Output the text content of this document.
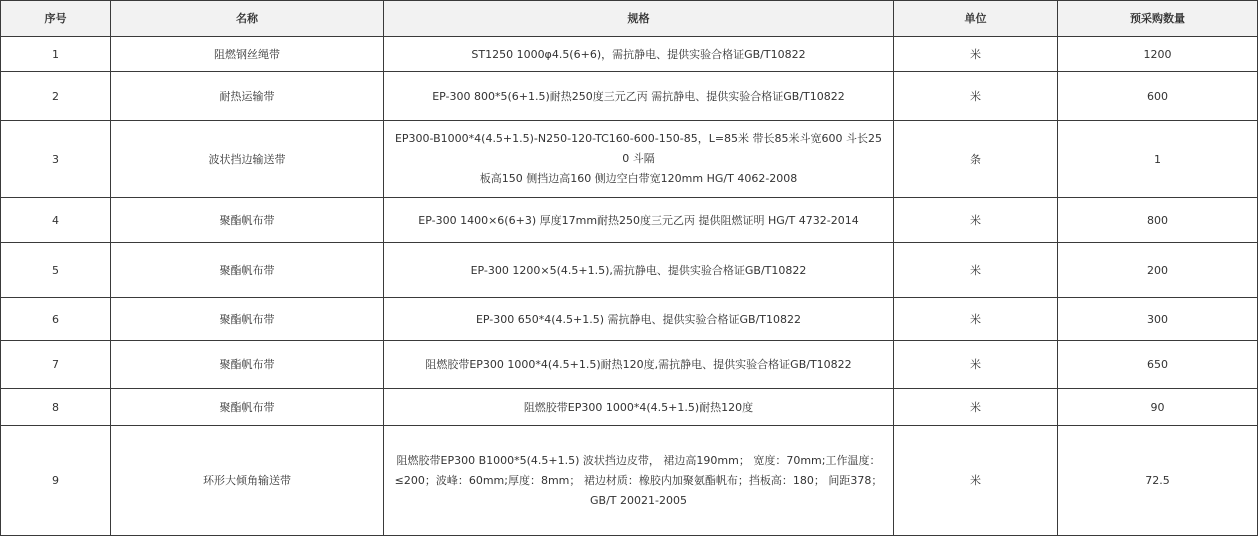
序号	名称	规格	单位	预采购数量
1	阻燃钢丝绳带	ST1250 1000φ4.5(6+6)，需抗静电、提供实验合格证GB/T10822	米	1200
2	耐热运输带	EP-300 800*5(6+1.5)耐热250度三元乙丙 需抗静电、提供实验合格证GB/T10822	米	600
3	波状挡边输送带	EP300-B1000*4(4.5+1.5)-N250-120-TC160-600-150-85，L=85米 带长85米斗宽600 斗长250 斗隔
板高150 侧挡边高160 侧边空白带宽120mm HG/T 4062-2008	条	1
4	聚酯帆布带	EP-300 1400×6(6+3) 厚度17mm耐热250度三元乙丙 提供阻燃证明 HG/T 4732-2014	米	800
5	聚酯帆布带	EP-300 1200×5(4.5+1.5),需抗静电、提供实验合格证GB/T10822	米	200
6	聚酯帆布带	EP-300 650*4(4.5+1.5) 需抗静电、提供实验合格证GB/T10822	米	300
7	聚酯帆布带	阻燃胶带EP300 1000*4(4.5+1.5)耐热120度,需抗静电、提供实验合格证GB/T10822	米	650
8	聚酯帆布带	阻燃胶带EP300 1000*4(4.5+1.5)耐热120度	米	90
9	环形大倾角输送带	阻燃胶带EP300 B1000*5(4.5+1.5) 波状挡边皮带， 裙边高190mm； 宽度：70mm;工作温度：
≤200；波峰：60mm;厚度：8mm； 裙边材质：橡胶内加聚氨酯帆布；挡板高：180； 间距378；
GB/T 20021-2005	米	72.5
